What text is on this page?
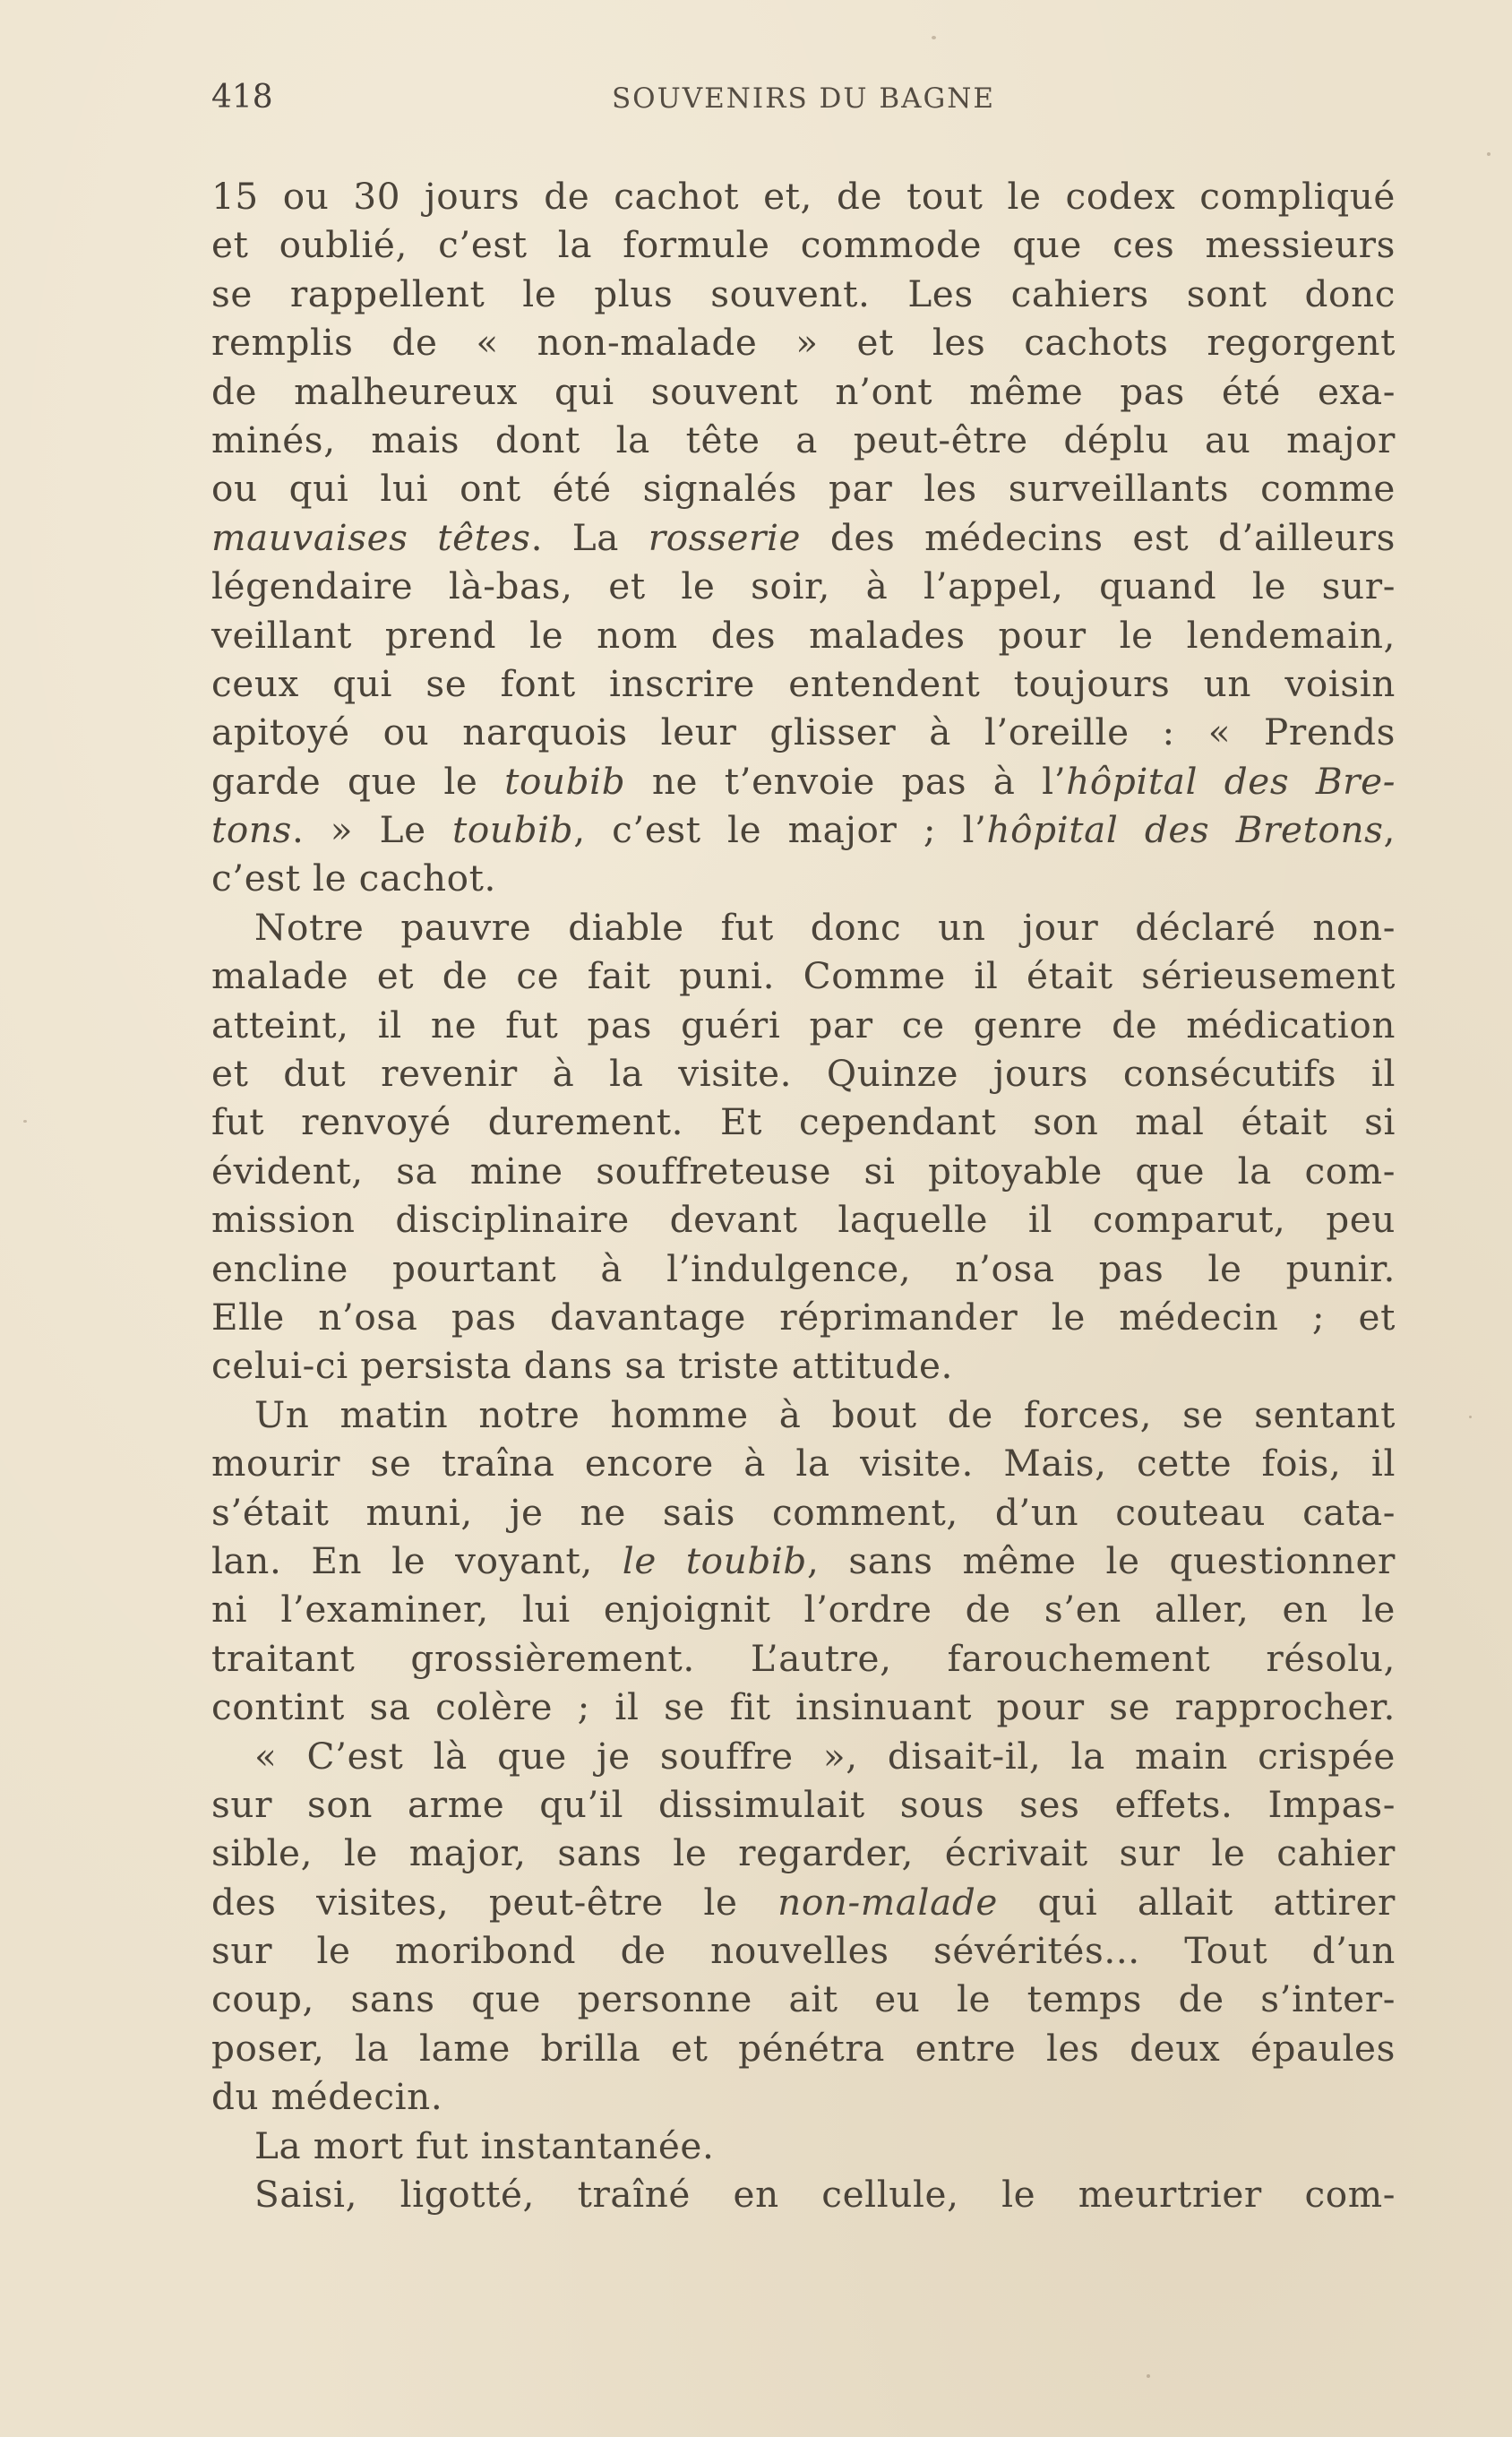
418	SOUVENIRS DU BAGNE
15 ou 30 jours de cachot et, de tout le codex compliqué
et oublié, c’est la formule commode que ces messieurs
se rappellent le plus souvent. Les cahiers sont donc
remplis de « non-malade » et les cachots regorgent
de malheureux qui souvent n’ont même pas été exa-
minés, mais dont la tête a peut-être déplu au major
ou qui lui ont été signalés par les surveillants comme
mauvaises têtes. La rosserie des médecins est d’ailleurs
légendaire là-bas, et le soir, à l’appel, quand le sur-
veillant prend le nom des malades pour le lendemain,
ceux qui se font inscrire entendent toujours un voisin
apitoyé ou narquois leur glisser à l’oreille : « Prends
garde que le toubib ne t’envoie pas à l’hôpital des Bre-
tons. » Le toubib, c’est le major ; l’hôpital des Bretons,
c’est le cachot.
Notre pauvre diable fut donc un jour déclaré non-
malade et de ce fait puni. Comme il était sérieusement
atteint, il ne fut pas guéri par ce genre de médication
et dut revenir à la visite. Quinze jours consécutifs il
fut renvoyé durement. Et cependant son mal était si
évident, sa mine souffreteuse si pitoyable que la com-
mission disciplinaire devant laquelle il comparut, peu
encline pourtant à l’indulgence, n’osa pas le punir.
Elle n’osa pas davantage réprimander le médecin ; et
celui-ci persista dans sa triste attitude.
Un matin notre homme à bout de forces, se sentant
mourir se traîna encore à la visite. Mais, cette fois, il
s’était muni, je ne sais comment, d’un couteau cata-
lan. En le voyant, le toubib, sans même le questionner
ni l’examiner, lui enjoignit l’ordre de s’en aller, en le
traitant grossièrement. L’autre, farouchement résolu,
contint sa colère ; il se fit insinuant pour se rapprocher.
« C’est là que je souffre », disait-il, la main crispée
sur son arme qu’il dissimulait sous ses effets. Impas-
sible, le major, sans le regarder, écrivait sur le cahier
des visites, peut-être le non-malade qui allait attirer
sur le moribond de nouvelles sévérités... Tout d’un
coup, sans que personne ait eu le temps de s’inter-
poser, la lame brilla et pénétra entre les deux épaules
du médecin.
La mort fut instantanée.
Saisi, ligotté, traîné en cellule, le meurtrier com-
